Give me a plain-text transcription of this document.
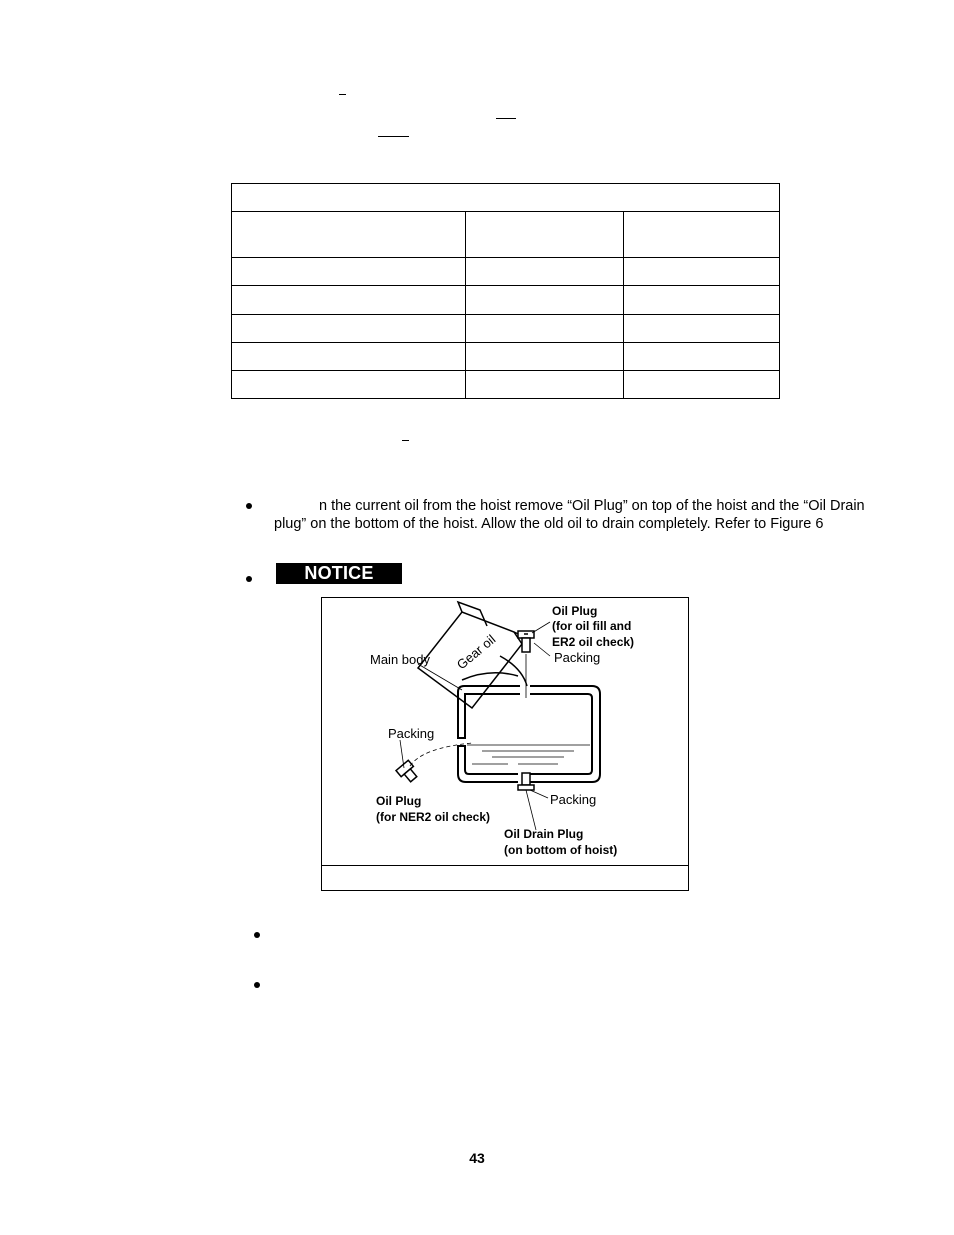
n the current oil from the hoist remove “Oil Plug” on top of the hoist and the “Oil Drain
plug” on the bottom of the hoist. Allow the old oil to drain completely. Refer to Figure 6
NOTICE
Gear oil
Main body
Oil Plug
(for oil fill and
ER2 oil check)
Packing
Packing
Oil Plug
(for NER2 oil check)
Packing
Oil Drain Plug
(on bottom of hoist)
43
